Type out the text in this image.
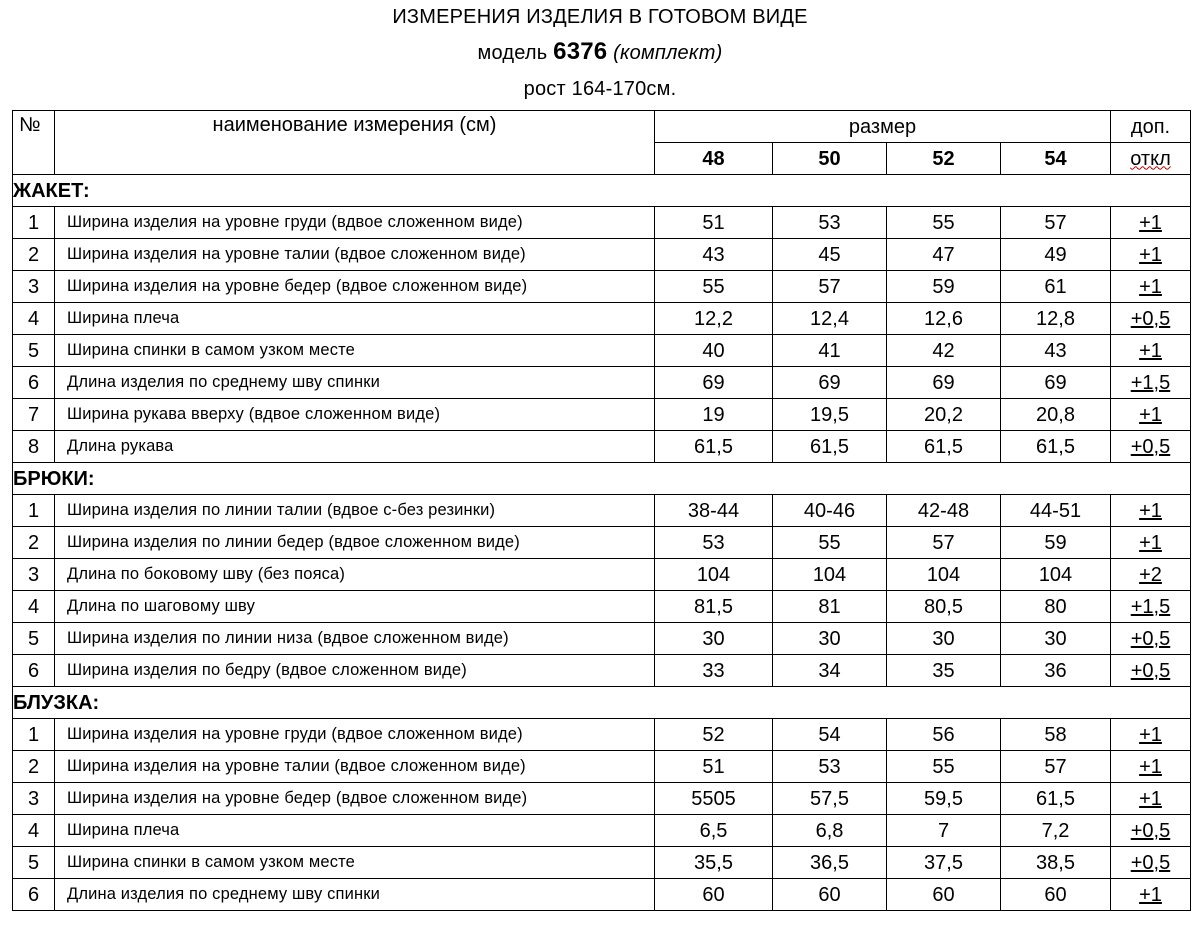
ИЗМЕРЕНИЯ ИЗДЕЛИЯ В ГОТОВОМ ВИДЕ
модель 6376 (комплект)
рост 164-170см.
№	наименование измерения (см)	размер				доп.
		48	50	52	54	откл
ЖАКЕТ:						
1	Ширина изделия на уровне груди (вдвое сложенном виде)	51	53	55	57	+1
2	Ширина изделия на уровне талии (вдвое сложенном виде)	43	45	47	49	+1
3	Ширина изделия на уровне бедер (вдвое сложенном виде)	55	57	59	61	+1
4	Ширина плеча	12,2	12,4	12,6	12,8	+0,5
5	Ширина спинки в самом узком месте	40	41	42	43	+1
6	Длина изделия по среднему шву спинки	69	69	69	69	+1,5
7	Ширина рукава вверху (вдвое сложенном виде)	19	19,5	20,2	20,8	+1
8	Длина рукава	61,5	61,5	61,5	61,5	+0,5
БРЮКИ:						
1	Ширина изделия по линии талии (вдвое с-без резинки)	38-44	40-46	42-48	44-51	+1
2	Ширина изделия по линии бедер (вдвое сложенном виде)	53	55	57	59	+1
3	Длина по боковому шву (без пояса)	104	104	104	104	+2
4	Длина по шаговому шву	81,5	81	80,5	80	+1,5
5	Ширина изделия по линии низа (вдвое сложенном виде)	30	30	30	30	+0,5
6	Ширина изделия по бедру (вдвое сложенном виде)	33	34	35	36	+0,5
БЛУЗКА:						
1	Ширина изделия на уровне груди (вдвое сложенном виде)	52	54	56	58	+1
2	Ширина изделия на уровне талии (вдвое сложенном виде)	51	53	55	57	+1
3	Ширина изделия на уровне бедер (вдвое сложенном виде)	5505	57,5	59,5	61,5	+1
4	Ширина плеча	6,5	6,8	7	7,2	+0,5
5	Ширина спинки в самом узком месте	35,5	36,5	37,5	38,5	+0,5
6	Длина изделия по среднему шву спинки	60	60	60	60	+1
